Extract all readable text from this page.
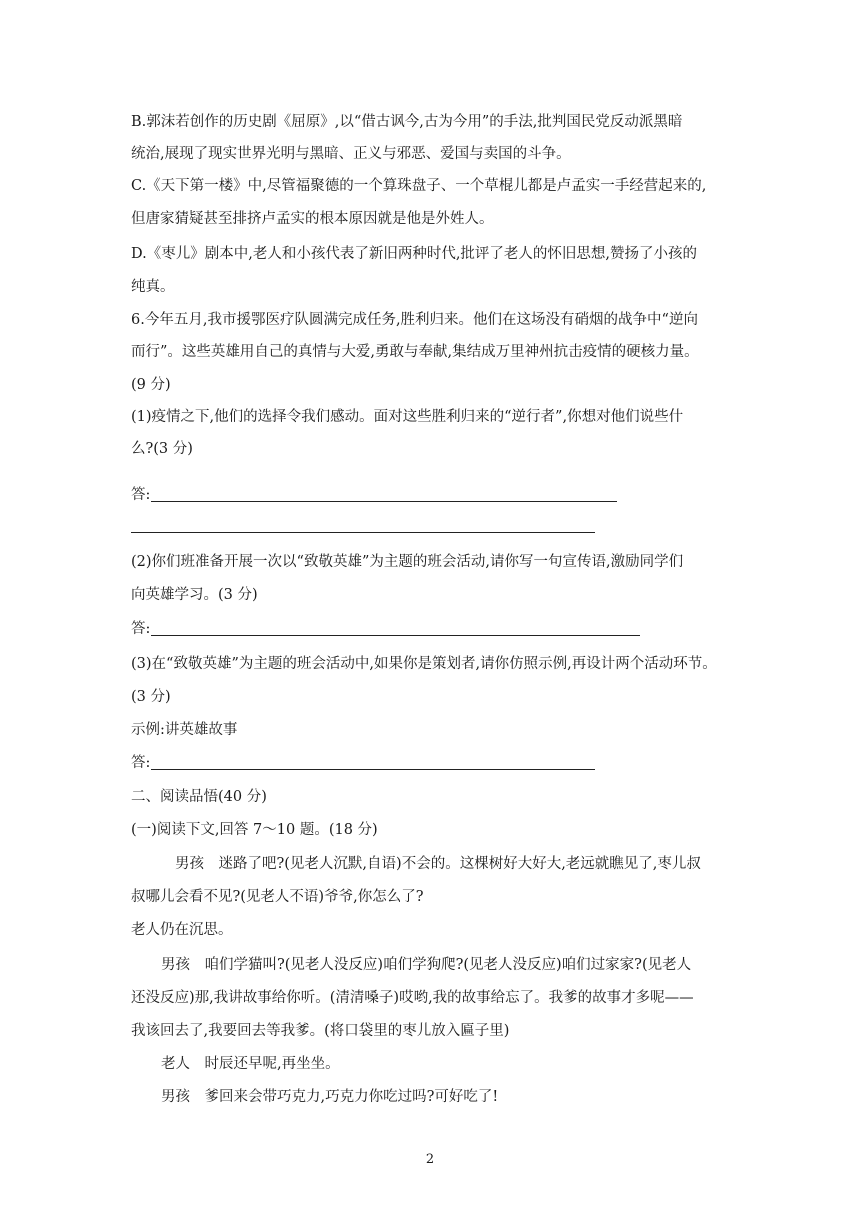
B.郭沫若创作的历史剧《屈原》,以“借古讽今,古为今用”的手法,批判国民党反动派黑暗
统治,展现了现实世界光明与黑暗、正义与邪恶、爱国与卖国的斗争。
C.《天下第一楼》中,尽管福聚德的一个算珠盘子、一个草棍儿都是卢孟实一手经营起来的,
但唐家猜疑甚至排挤卢孟实的根本原因就是他是外姓人。
D.《枣儿》剧本中,老人和小孩代表了新旧两种时代,批评了老人的怀旧思想,赞扬了小孩的
纯真。
6.今年五月,我市援鄂医疗队圆满完成任务,胜利归来。他们在这场没有硝烟的战争中“逆向
而行”。这些英雄用自己的真情与大爱,勇敢与奉献,集结成万里神州抗击疫情的硬核力量。
(9 分)
(1)疫情之下,他们的选择令我们感动。面对这些胜利归来的“逆行者”,你想对他们说些什
么?(3 分)
答:
(2)你们班准备开展一次以“致敬英雄”为主题的班会活动,请你写一句宣传语,激励同学们
向英雄学习。(3 分)
答:
(3)在“致敬英雄”为主题的班会活动中,如果你是策划者,请你仿照示例,再设计两个活动环节。
(3 分)
示例:讲英雄故事
答:
二、阅读品悟(40 分)
(一)阅读下文,回答 7～10 题。(18 分)
男孩　迷路了吧?(见老人沉默,自语)不会的。这棵树好大好大,老远就瞧见了,枣儿叔
叔哪儿会看不见?(见老人不语)爷爷,你怎么了?
老人仍在沉思。
男孩　咱们学猫叫?(见老人没反应)咱们学狗爬?(见老人没反应)咱们过家家?(见老人
还没反应)那,我讲故事给你听。(清清嗓子)哎哟,我的故事给忘了。我爹的故事才多呢——
我该回去了,我要回去等我爹。(将口袋里的枣儿放入匾子里)
老人　时辰还早呢,再坐坐。
男孩　爹回来会带巧克力,巧克力你吃过吗?可好吃了!
2
